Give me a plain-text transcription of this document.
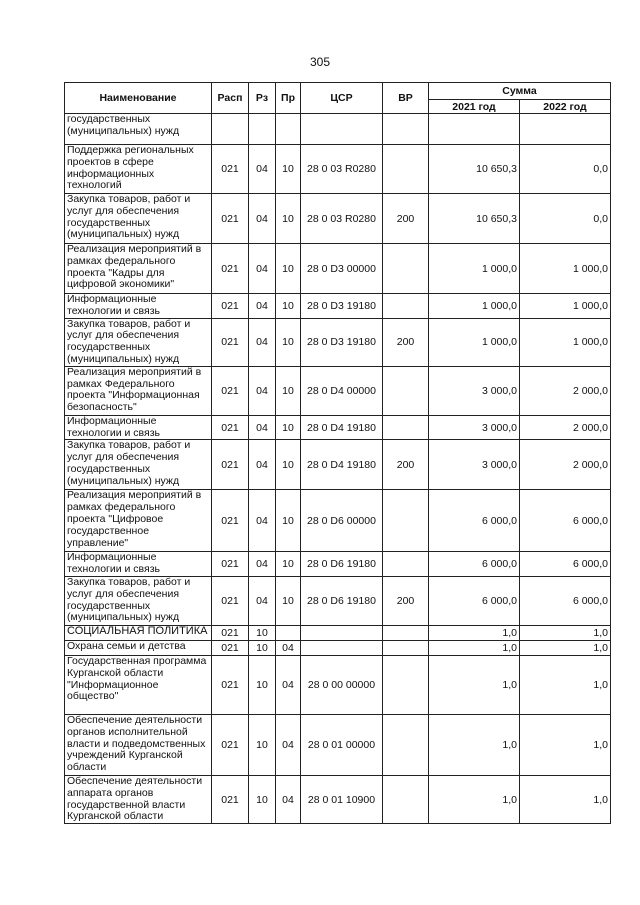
305
Наименование	Расп	Рз	Пр	ЦСР	ВР	Сумма	
						2021 год	2022 год
государственных (муниципальных) нужд							
Поддержка региональных проектов в сфере информационных технологий	021	04	10	28 0 03 R0280		10 650,3	0,0
Закупка товаров, работ и услуг для обеспечения государственных (муниципальных) нужд	021	04	10	28 0 03 R0280	200	10 650,3	0,0
Реализация мероприятий в рамках федерального проекта "Кадры для цифровой экономики"	021	04	10	28 0 D3 00000		1 000,0	1 000,0
Информационные технологии и связь	021	04	10	28 0 D3 19180		1 000,0	1 000,0
Закупка товаров, работ и услуг для обеспечения государственных (муниципальных) нужд	021	04	10	28 0 D3 19180	200	1 000,0	1 000,0
Реализация мероприятий в рамках Федерального проекта "Информационная безопасность"	021	04	10	28 0 D4 00000		3 000,0	2 000,0
Информационные технологии и связь	021	04	10	28 0 D4 19180		3 000,0	2 000,0
Закупка товаров, работ и услуг для обеспечения государственных (муниципальных) нужд	021	04	10	28 0 D4 19180	200	3 000,0	2 000,0
Реализация мероприятий в рамках федерального проекта "Цифровое государственное управление"	021	04	10	28 0 D6 00000		6 000,0	6 000,0
Информационные технологии и связь	021	04	10	28 0 D6 19180		6 000,0	6 000,0
Закупка товаров, работ и услуг для обеспечения государственных (муниципальных) нужд	021	04	10	28 0 D6 19180	200	6 000,0	6 000,0
СОЦИАЛЬНАЯ ПОЛИТИКА	021	10				1,0	1,0
Охрана семьи и детства	021	10	04			1,0	1,0
Государственная программа Курганской области "Информационное общество"	021	10	04	28 0 00 00000		1,0	1,0
Обеспечение деятельности органов исполнительной власти и подведомственных учреждений Курганской области	021	10	04	28 0 01 00000		1,0	1,0
Обеспечение деятельности аппарата органов государственной власти Курганской области	021	10	04	28 0 01 10900		1,0	1,0
